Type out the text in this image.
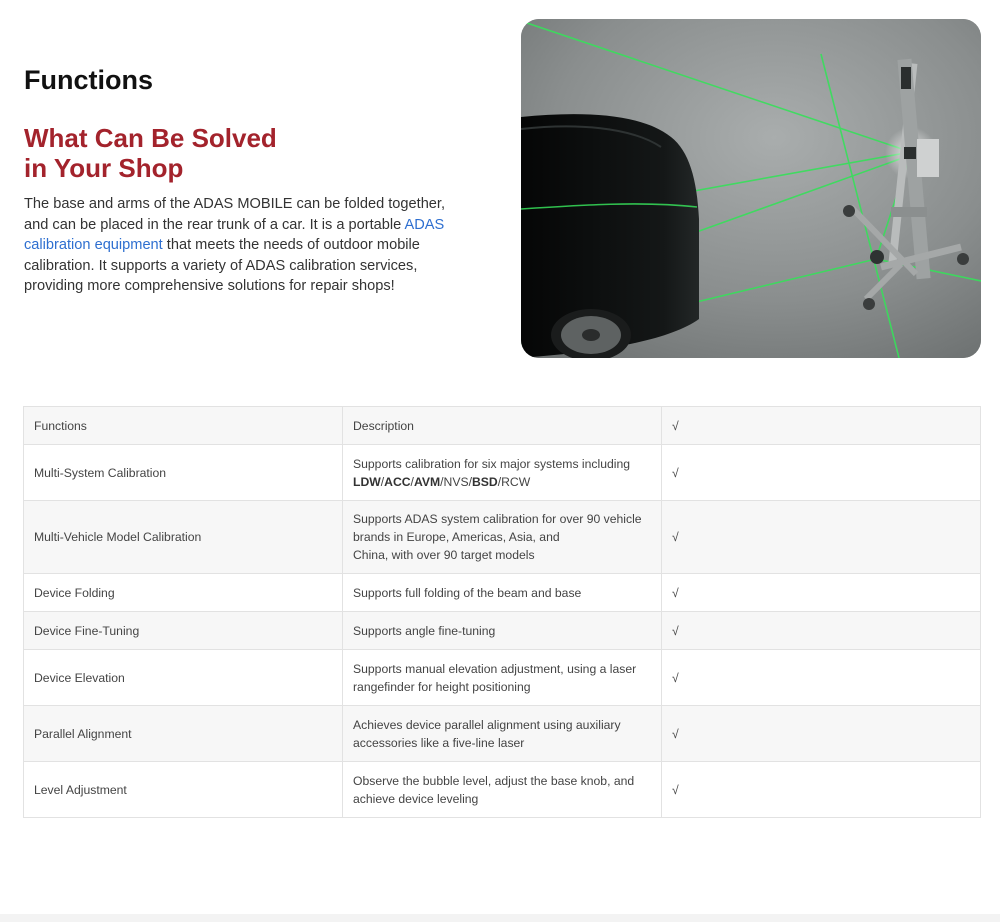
Functions
What Can Be Solved
in Your Shop

The base and arms of the ADAS MOBILE can be folded together, and can be placed in the rear trunk of a car. It is a portable ADAS calibration equipment that meets the needs of outdoor mobile calibration. It supports a variety of ADAS calibration services, providing more comprehensive solutions for repair shops!

Functions	Description	√
Multi-System Calibration	Supports calibration for six major systems including
LDW/ACC/AVM/NVS/BSD/RCW	√
Multi-Vehicle Model Calibration	Supports ADAS system calibration for over 90 vehicle
brands in Europe, Americas, Asia, and
China, with over 90 target models	√
Device Folding	Supports full folding of the beam and base	√
Device Fine-Tuning	Supports angle fine-tuning	√
Device Elevation	Supports manual elevation adjustment, using a laser
rangefinder for height positioning	√
Parallel Alignment	Achieves device parallel alignment using auxiliary
accessories like a five-line laser	√
Level Adjustment	Observe the bubble level, adjust the base knob, and
achieve device leveling	√
